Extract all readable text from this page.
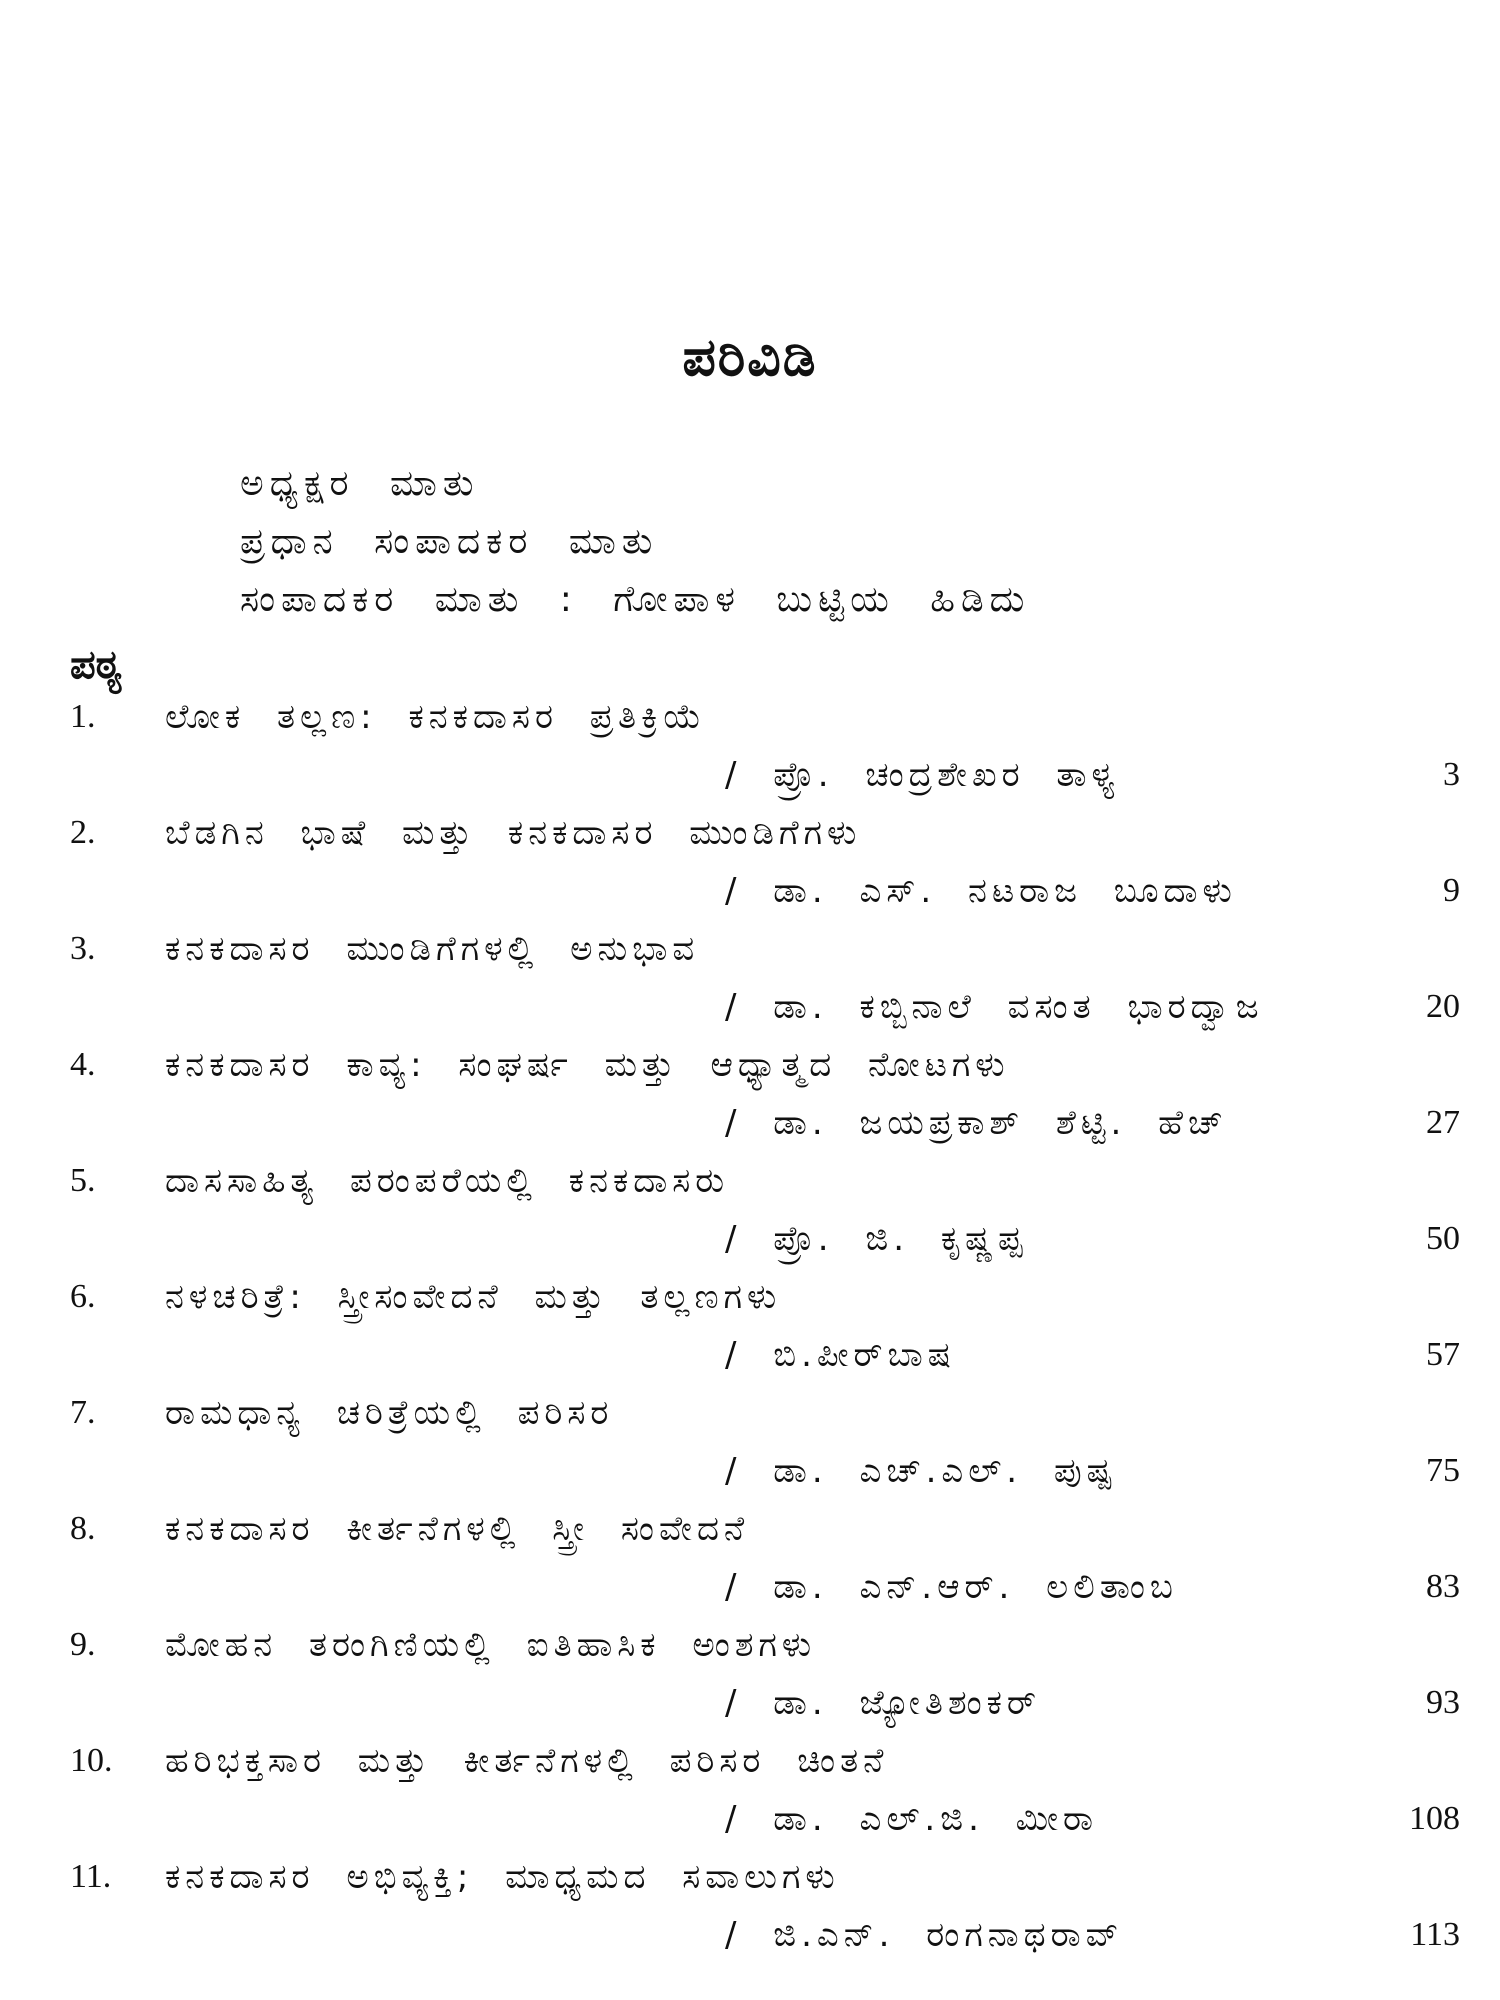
ಪರಿವಿಡಿ
ಅಧ್ಯಕ್ಷರ ಮಾತು
ಪ್ರಧಾನ ಸಂಪಾದಕರ ಮಾತು
ಸಂಪಾದಕರ ಮಾತು : ಗೋಪಾಳ ಬುಟ್ಟಿಯ ಹಿಡಿದು
ಪಠ್ಯ
1.	ಲೋಕ ತಲ್ಲಣ: ಕನಕದಾಸರ ಪ್ರತಿಕ್ರಿಯೆ
/ ಪ್ರೊ. ಚಂದ್ರಶೇಖರ ತಾಳ್ಯ	3
2.	ಬೆಡಗಿನ ಭಾಷೆ ಮತ್ತು ಕನಕದಾಸರ ಮುಂಡಿಗೆಗಳು
/ ಡಾ. ಎಸ್. ನಟರಾಜ ಬೂದಾಳು	9
3.	ಕನಕದಾಸರ ಮುಂಡಿಗೆಗಳಲ್ಲಿ ಅನುಭಾವ
/ ಡಾ. ಕಬ್ಬಿನಾಲೆ ವಸಂತ ಭಾರದ್ವಾಜ	20
4.	ಕನಕದಾಸರ ಕಾವ್ಯ: ಸಂಘರ್ಷ ಮತ್ತು ಆಧ್ಯಾತ್ಮದ ನೋಟಗಳು
/ ಡಾ. ಜಯಪ್ರಕಾಶ್ ಶೆಟ್ಟಿ. ಹೆಚ್	27
5.	ದಾಸಸಾಹಿತ್ಯ ಪರಂಪರೆಯಲ್ಲಿ ಕನಕದಾಸರು
/ ಪ್ರೊ. ಜಿ. ಕೃಷ್ಣಪ್ಪ	50
6.	ನಳಚರಿತ್ರೆ: ಸ್ತ್ರೀಸಂವೇದನೆ ಮತ್ತು ತಲ್ಲಣಗಳು
/ ಬಿ.ಪೀರ್‌ಬಾಷ	57
7.	ರಾಮಧಾನ್ಯ ಚರಿತ್ರೆಯಲ್ಲಿ ಪರಿಸರ
/ ಡಾ. ಎಚ್.ಎಲ್. ಪುಷ್ಪ	75
8.	ಕನಕದಾಸರ ಕೀರ್ತನೆಗಳಲ್ಲಿ ಸ್ತ್ರೀ ಸಂವೇದನೆ
/ ಡಾ. ಎನ್.ಆರ್. ಲಲಿತಾಂಬ	83
9.	ಮೋಹನ ತರಂಗಿಣಿಯಲ್ಲಿ ಐತಿಹಾಸಿಕ ಅಂಶಗಳು
/ ಡಾ. ಜ್ಯೋತಿಶಂಕರ್	93
10.	ಹರಿಭಕ್ತಸಾರ ಮತ್ತು ಕೀರ್ತನೆಗಳಲ್ಲಿ ಪರಿಸರ ಚಿಂತನೆ
/ ಡಾ. ಎಲ್.ಜಿ. ಮೀರಾ	108
11.	ಕನಕದಾಸರ ಅಭಿವ್ಯಕ್ತಿ; ಮಾಧ್ಯಮದ ಸವಾಲುಗಳು
/ ಜಿ.ಎನ್. ರಂಗನಾಥರಾವ್	113
